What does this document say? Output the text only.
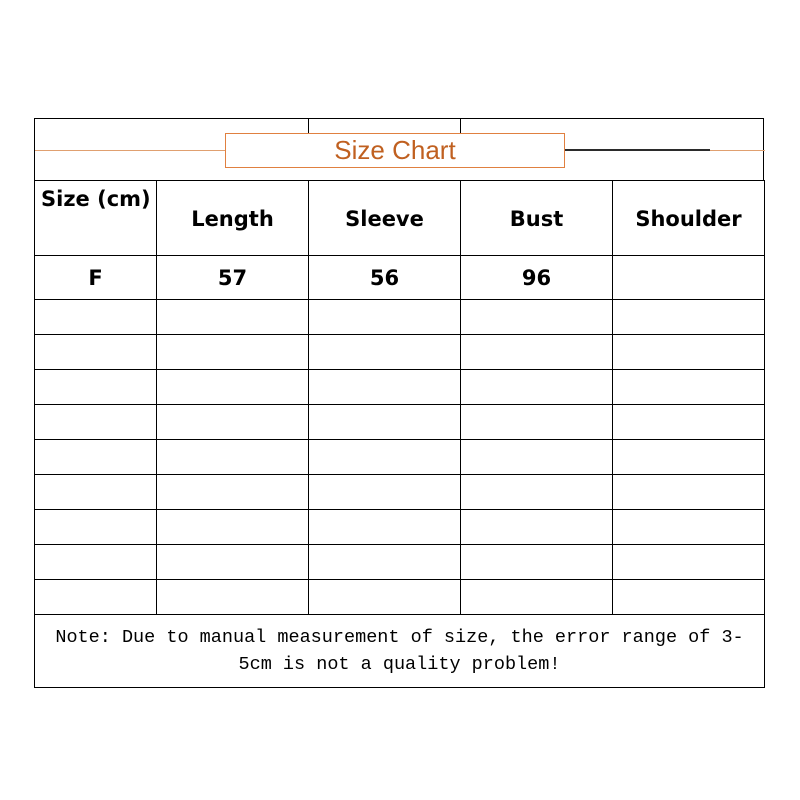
Size Chart
Size (cm)	Length	Sleeve	Bust	Shoulder
F	57	56	96	

Note: Due to manual measurement of size, the error range of 3-5cm is not a quality problem!				
